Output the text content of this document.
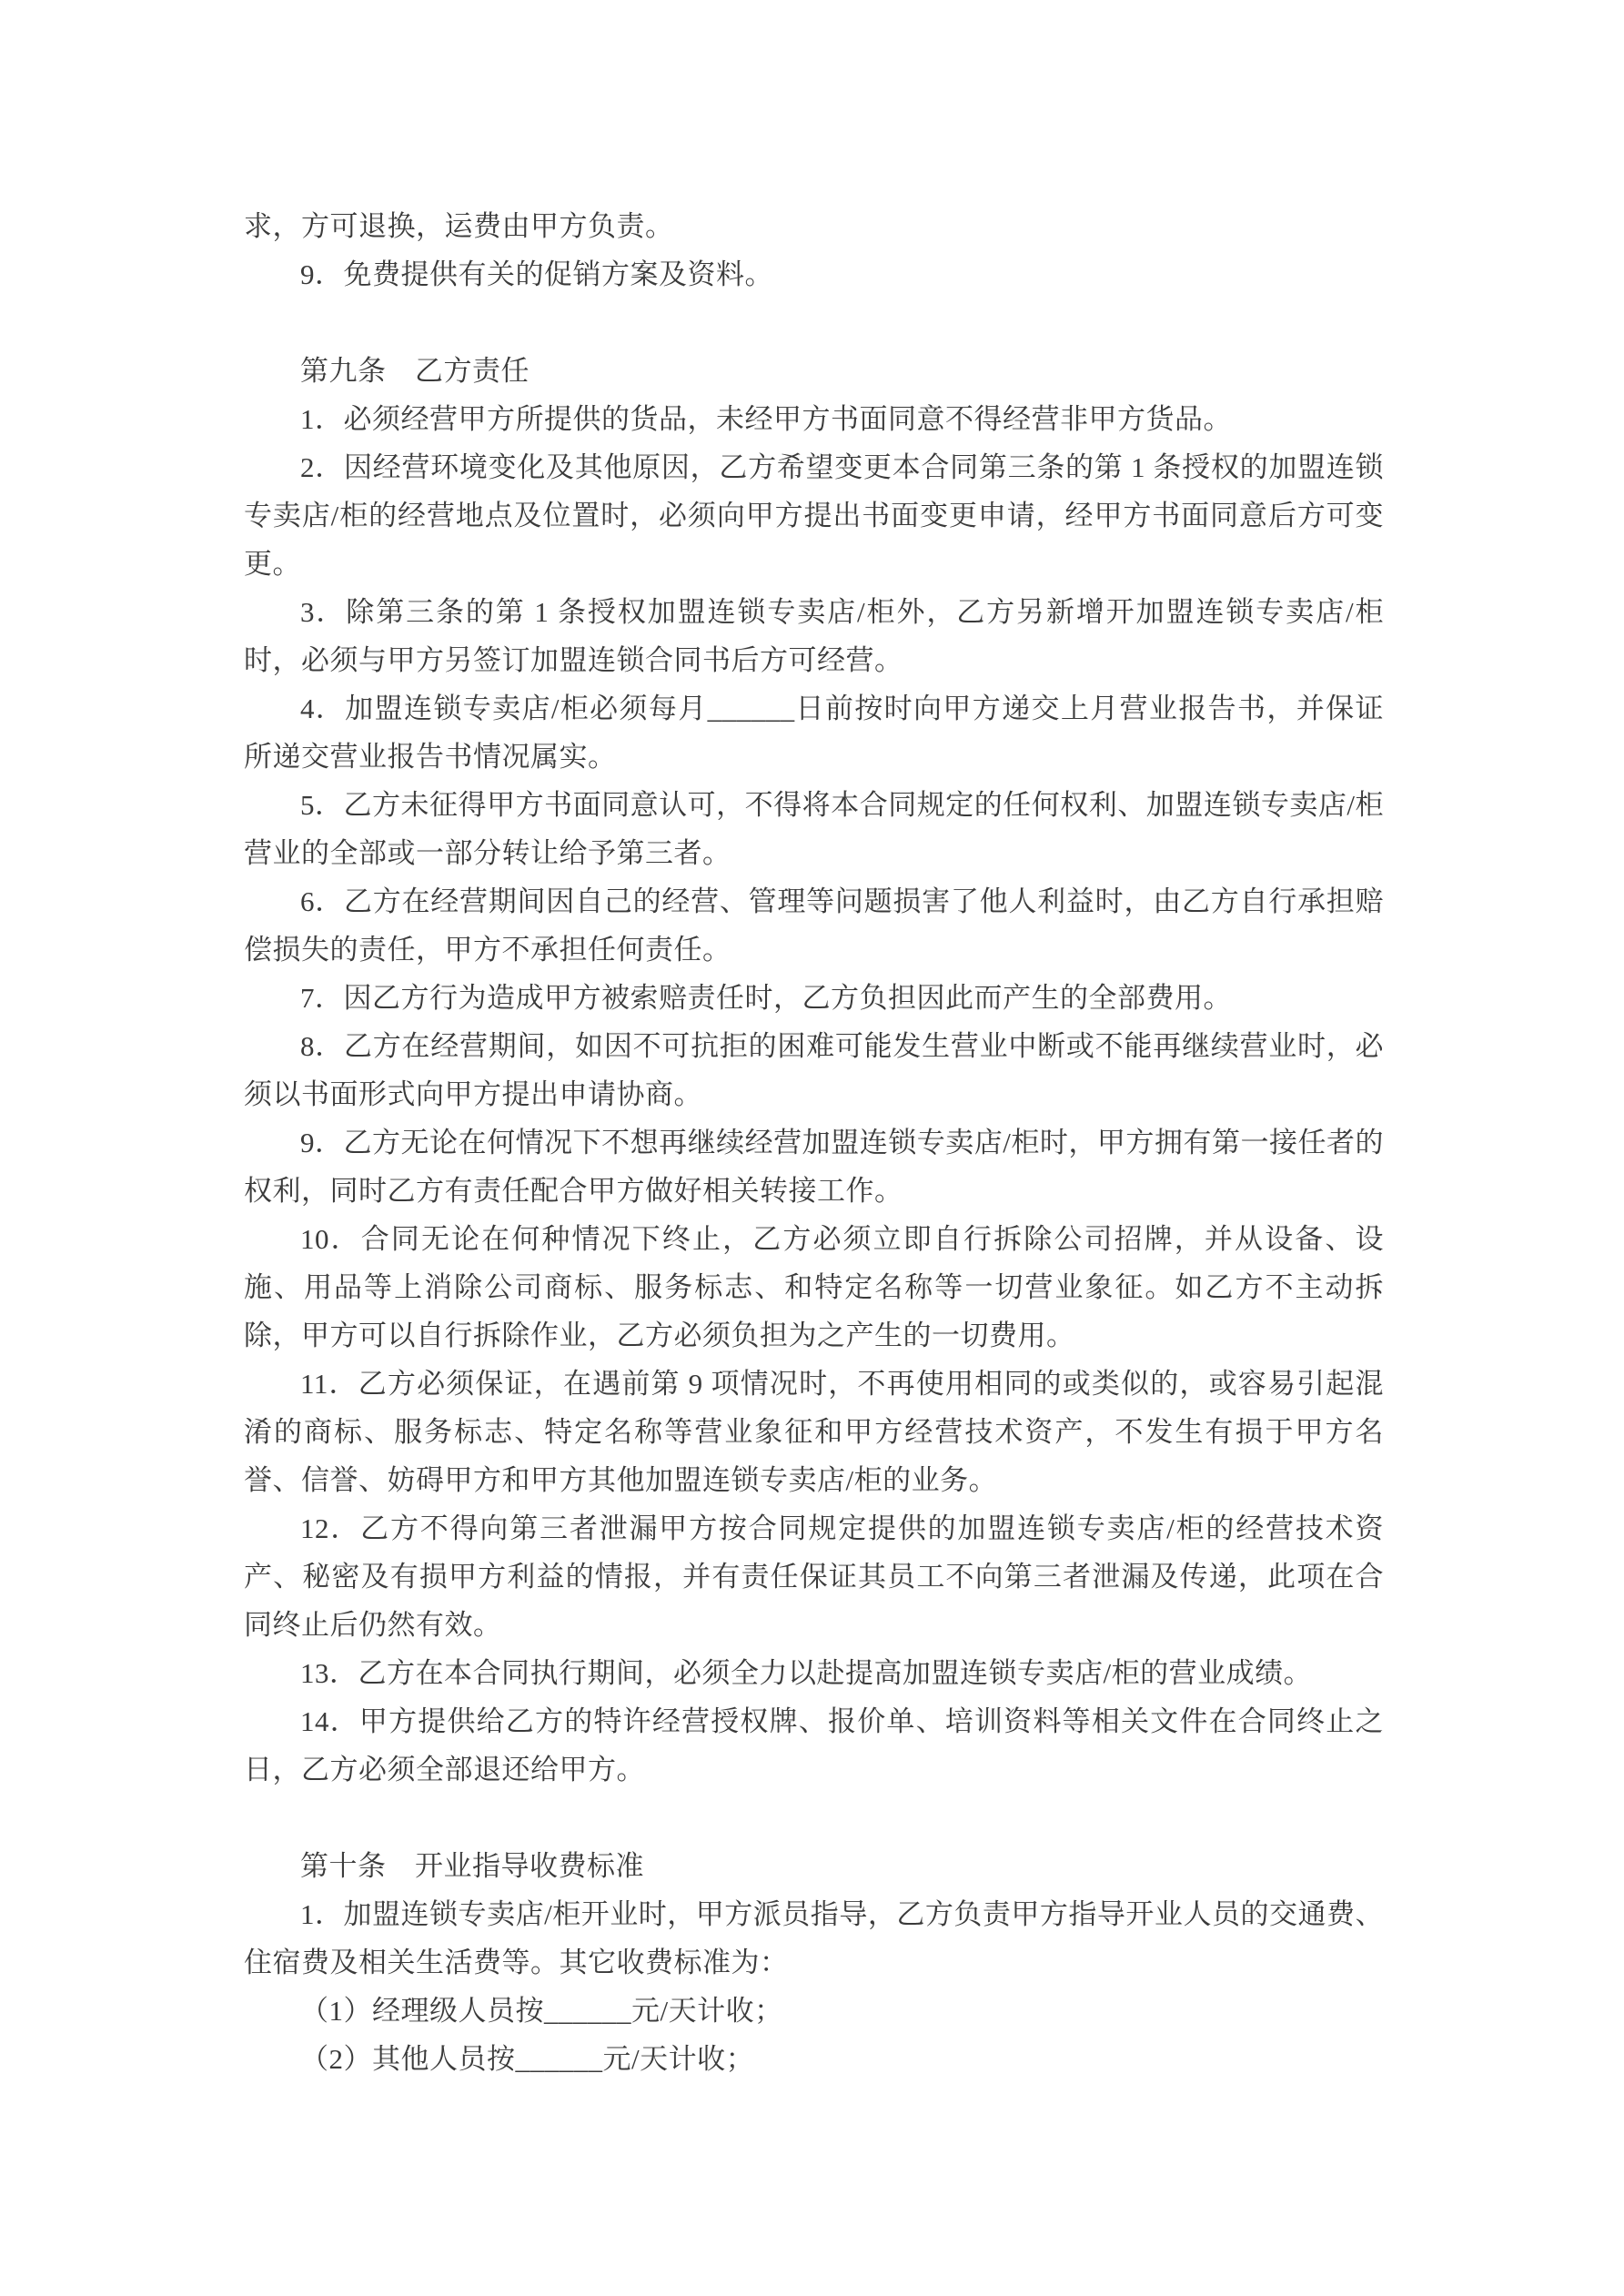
求，方可退换，运费由甲方负责。

9．免费提供有关的促销方案及资料。

第九条　乙方责任

1．必须经营甲方所提供的货品，未经甲方书面同意不得经营非甲方货品。

2．因经营环境变化及其他原因，乙方希望变更本合同第三条的第 1 条授权的加盟连锁专卖店/柜的经营地点及位置时，必须向甲方提出书面变更申请，经甲方书面同意后方可变更。

3．除第三条的第 1 条授权加盟连锁专卖店/柜外，乙方另新增开加盟连锁专卖店/柜时，必须与甲方另签订加盟连锁合同书后方可经营。

4．加盟连锁专卖店/柜必须每月______日前按时向甲方递交上月营业报告书，并保证所递交营业报告书情况属实。

5．乙方未征得甲方书面同意认可，不得将本合同规定的任何权利、加盟连锁专卖店/柜营业的全部或一部分转让给予第三者。

6．乙方在经营期间因自己的经营、管理等问题损害了他人利益时，由乙方自行承担赔偿损失的责任，甲方不承担任何责任。

7．因乙方行为造成甲方被索赔责任时，乙方负担因此而产生的全部费用。

8．乙方在经营期间，如因不可抗拒的困难可能发生营业中断或不能再继续营业时，必须以书面形式向甲方提出申请协商。

9．乙方无论在何情况下不想再继续经营加盟连锁专卖店/柜时，甲方拥有第一接任者的权利，同时乙方有责任配合甲方做好相关转接工作。

10．合同无论在何种情况下终止，乙方必须立即自行拆除公司招牌，并从设备、设施、用品等上消除公司商标、服务标志、和特定名称等一切营业象征。如乙方不主动拆除，甲方可以自行拆除作业，乙方必须负担为之产生的一切费用。

11．乙方必须保证，在遇前第 9 项情况时，不再使用相同的或类似的，或容易引起混淆的商标、服务标志、特定名称等营业象征和甲方经营技术资产，不发生有损于甲方名誉、信誉、妨碍甲方和甲方其他加盟连锁专卖店/柜的业务。

12．乙方不得向第三者泄漏甲方按合同规定提供的加盟连锁专卖店/柜的经营技术资产、秘密及有损甲方利益的情报，并有责任保证其员工不向第三者泄漏及传递，此项在合同终止后仍然有效。

13．乙方在本合同执行期间，必须全力以赴提高加盟连锁专卖店/柜的营业成绩。

14．甲方提供给乙方的特许经营授权牌、报价单、培训资料等相关文件在合同终止之日，乙方必须全部退还给甲方。

第十条　开业指导收费标准

1．加盟连锁专卖店/柜开业时，甲方派员指导，乙方负责甲方指导开业人员的交通费、住宿费及相关生活费等。其它收费标准为：

（1）经理级人员按______元/天计收；

（2）其他人员按______元/天计收；
